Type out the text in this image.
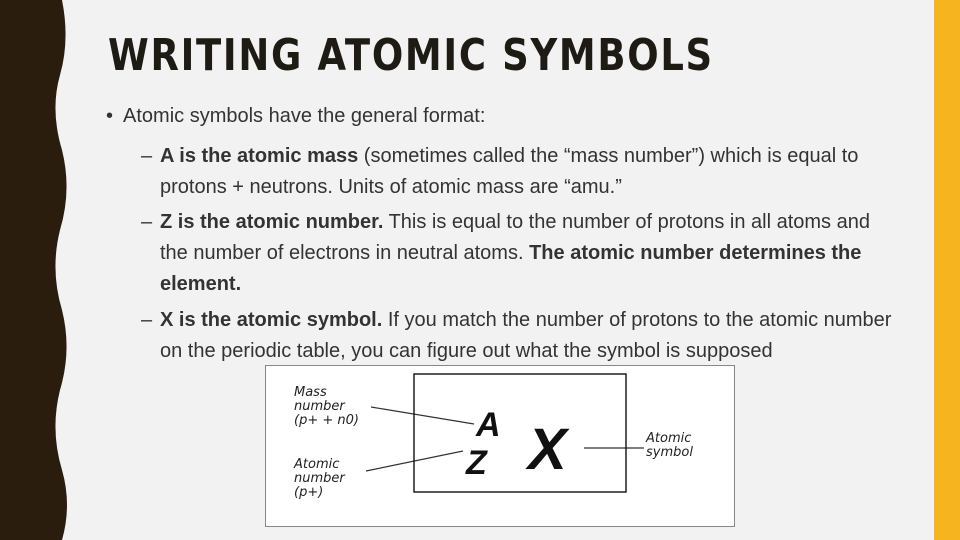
WRITING ATOMIC SYMBOLS
• Atomic symbols have the general format:
– A is the atomic mass (sometimes called the “mass number”) which is equal to protons + neutrons. Units of atomic mass are “amu.”
– Z is the atomic number. This is equal to the number of protons in all atoms and the number of electrons in neutral atoms. The atomic number determines the element.
– X is the atomic symbol. If you match the number of protons to the atomic number on the periodic table, you can figure out what the symbol is supposed
Mass
number
(p+ + n0)
Atomic
number
(p+)
Atomic
symbol
A
Z X
